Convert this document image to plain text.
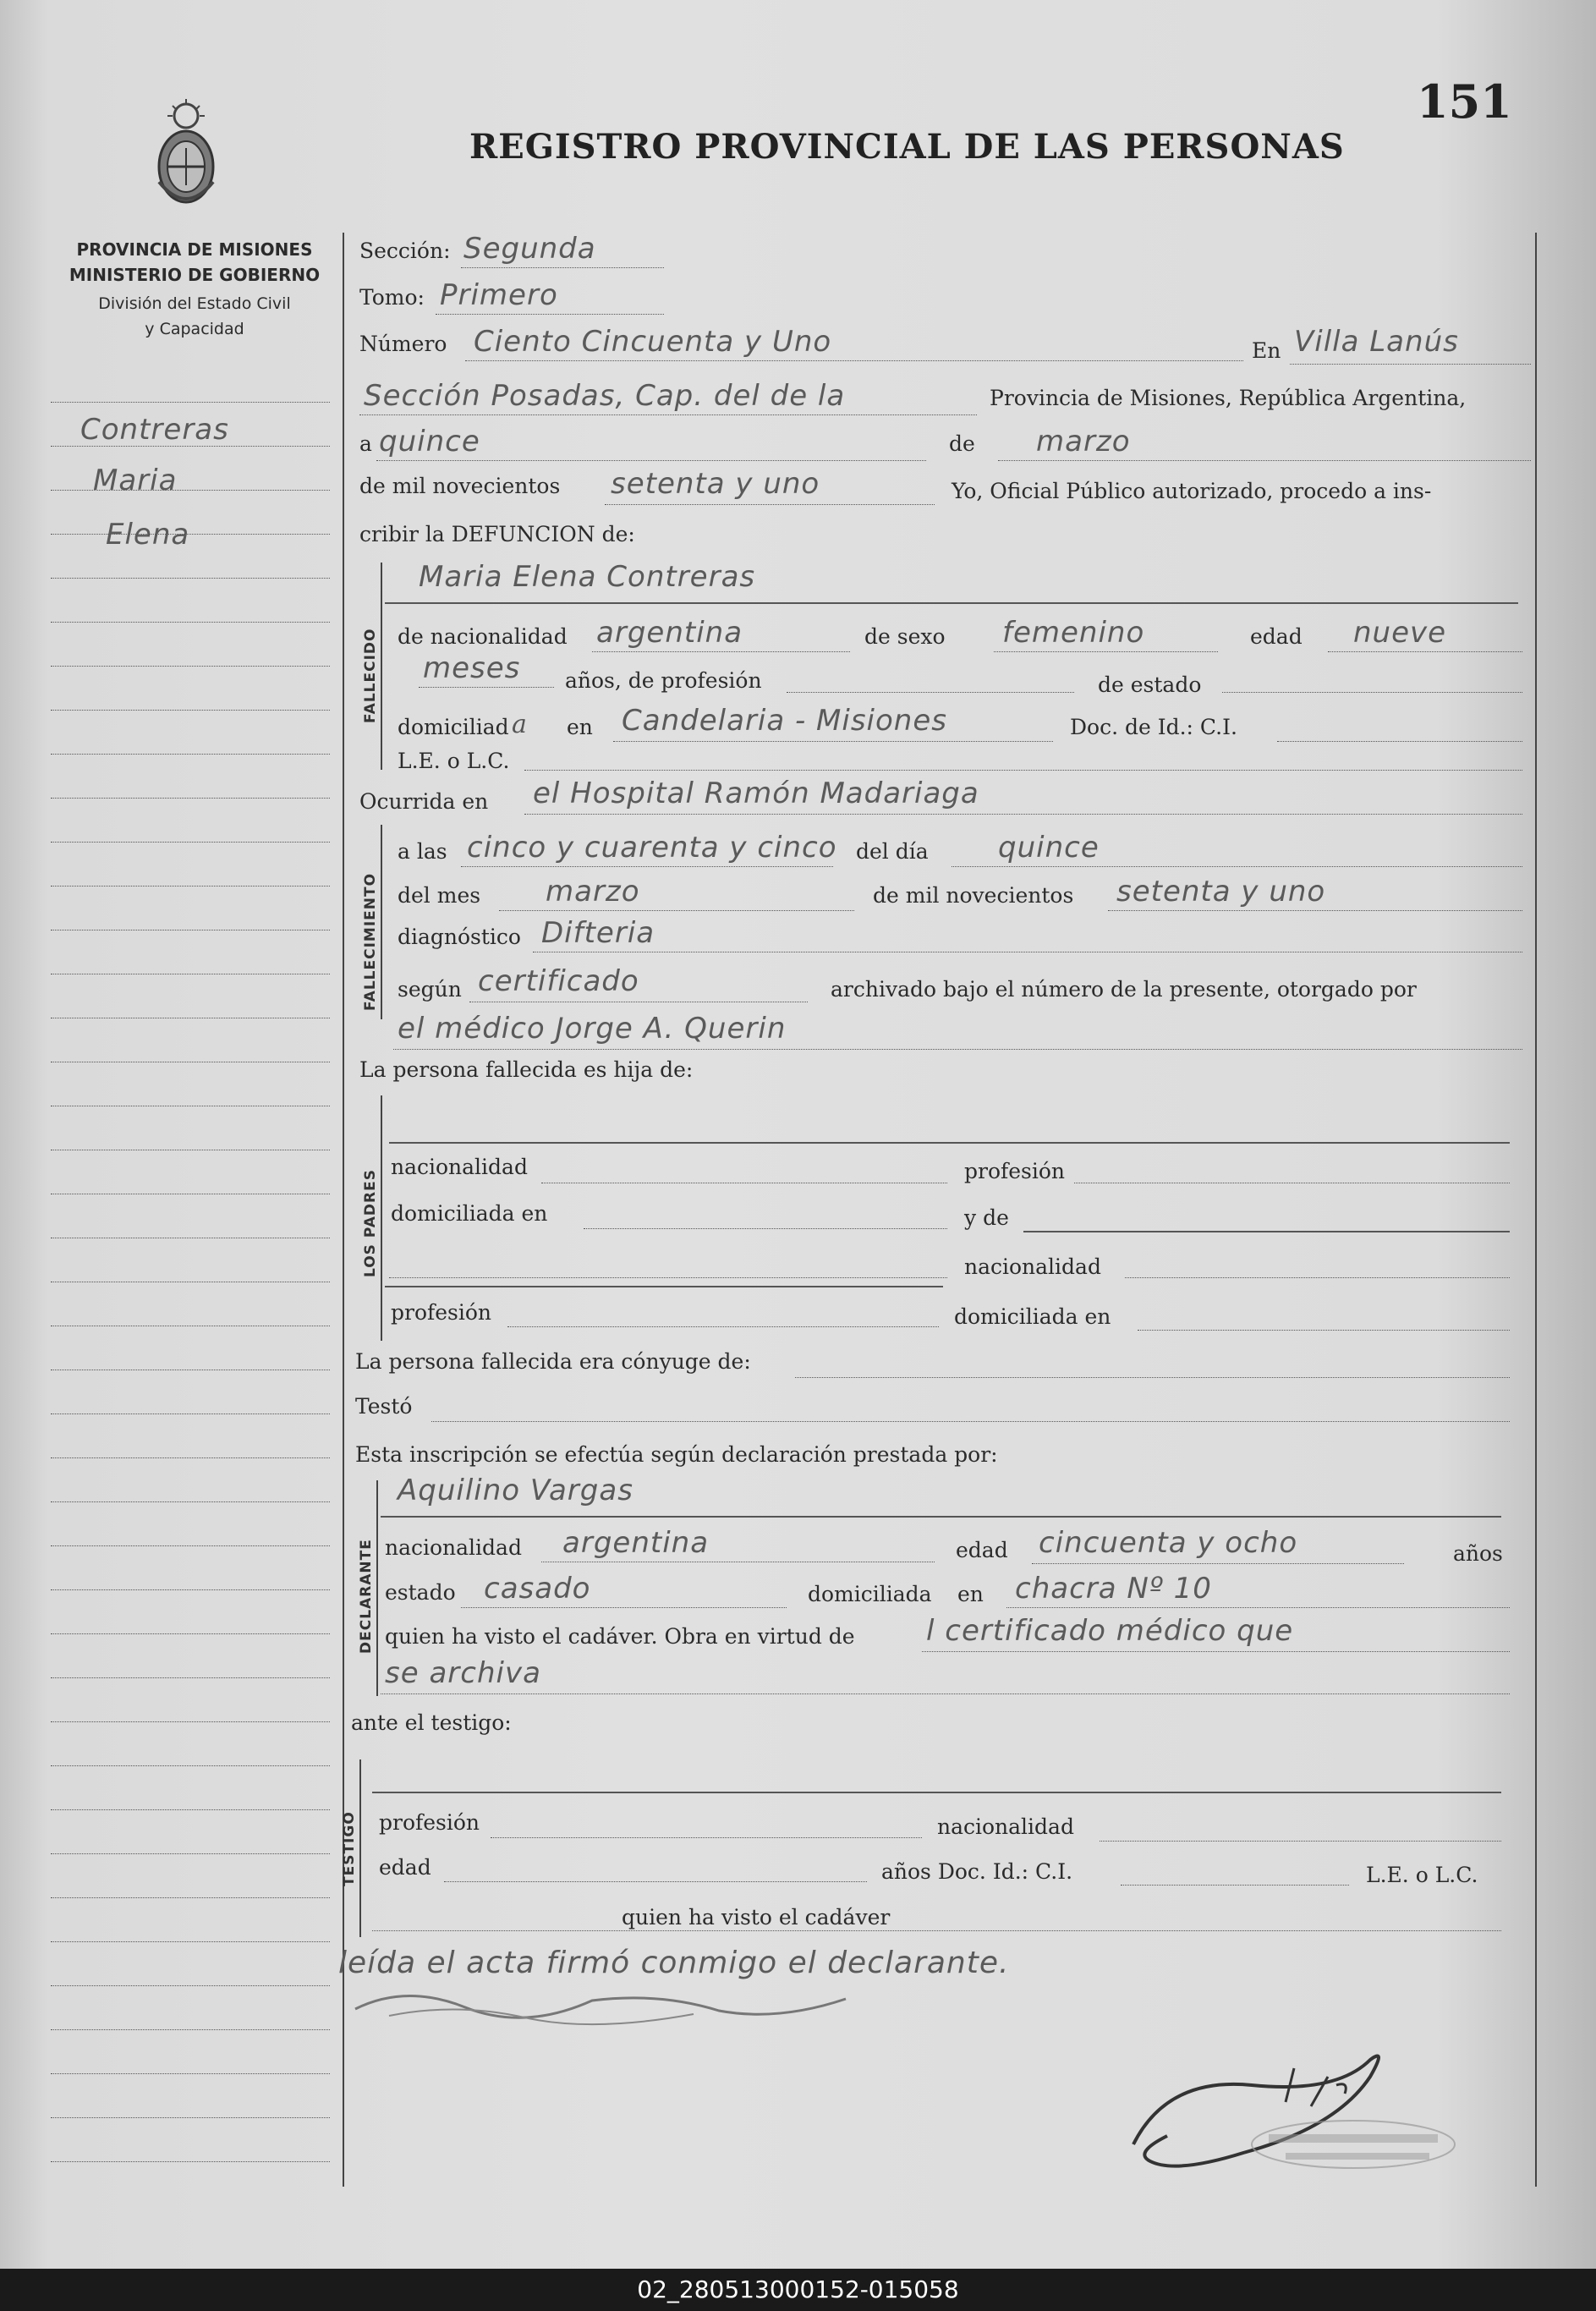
151
REGISTRO PROVINCIAL DE LAS PERSONAS
PROVINCIA DE MISIONES
MINISTERIO DE GOBIERNO
División del Estado Civil
y Capacidad
Contreras
Maria
Elena
Sección: Segunda
Tomo: Primero
Número Ciento Cincuenta y Uno	En Villa Lanús
Sección Posadas, Cap. del de la	Provincia de Misiones, República Argentina,
a quince	de marzo
de mil novecientos setenta y uno	Yo, Oficial Público autorizado, procedo a ins-
cribir la DEFUNCION de:
FALLECIDO
Maria Elena Contreras
de nacionalidad argentina	de sexo femenino	edad nueve
meses años, de profesión	de estado
domiciliad a en Candelaria - Misiones	Doc. de Id.: C.I.
L.E. o L.C.
Ocurrida en el Hospital Ramón Madariaga
FALLECIMIENTO
a las cinco y cuarenta y cinco del día quince
del mes marzo	de mil novecientos setenta y uno
diagnóstico Difteria
según certificado	archivado bajo el número de la presente, otorgado por
el médico Jorge A. Querin
La persona fallecida es hija de:
LOS PADRES
nacionalidad	profesión
domiciliada en	y de
nacionalidad
profesión	domiciliada en
La persona fallecida era cónyuge de:
Testó
Esta inscripción se efectúa según declaración prestada por:
DECLARANTE
Aquilino Vargas
nacionalidad argentina	edad cincuenta y ocho	años
estado casado	domiciliada en chacra Nº 10
quien ha visto el cadáver. Obra en virtud de l certificado médico que
se archiva
ante el testigo:
TESTIGO profesión	nacionalidad
edad	años Doc. Id.: C.I.	L.E. o L.C.
quien ha visto el cadáver
leída el acta firmó conmigo el declarante.
02_280513000152-015058
